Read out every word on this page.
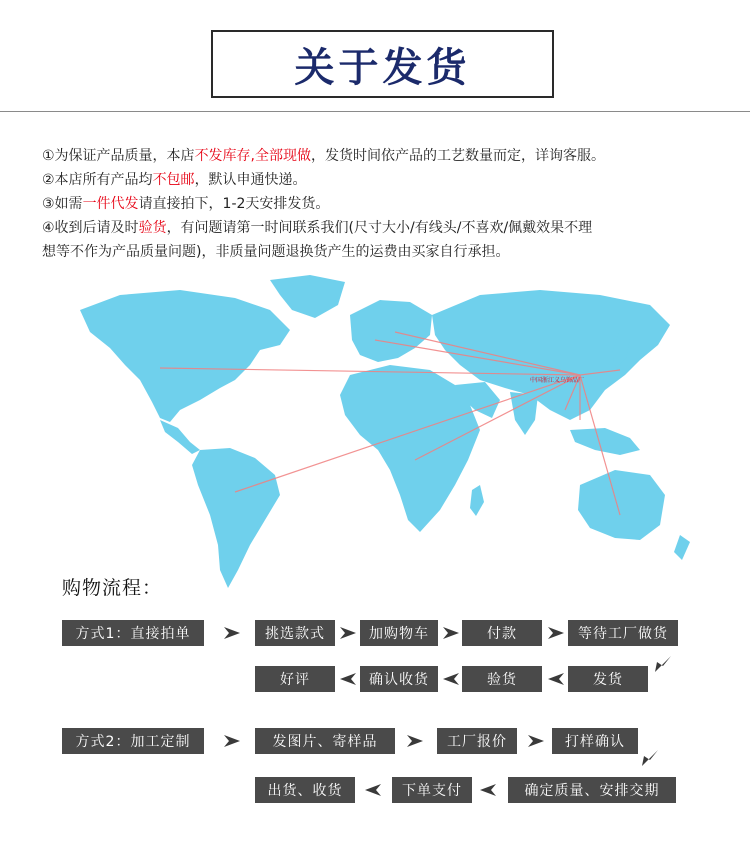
关于发货

①为保证产品质量，本店不发库存,全部现做，发货时间依产品的工艺数量而定，详询客服。

②本店所有产品均不包邮，默认申通快递。

③如需一件代发请直接拍下，1-2天安排发货。

④收到后请及时验货，有问题请第一时间联系我们(尺寸大小/有线头/不喜欢/佩戴效果不理

想等不作为产品质量问题)，非质量问题退换货产生的运费由买家自行承担。

中国浙江义乌饰品厂
购物流程：
方式1：直接拍单	挑选款式	加购物车	付款	等待工厂做货
好评	确认收货	验货	发货
方式2：加工定制	发图片、寄样品	工厂报价	打样确认
出货、收货	下单支付	确定质量、安排交期
